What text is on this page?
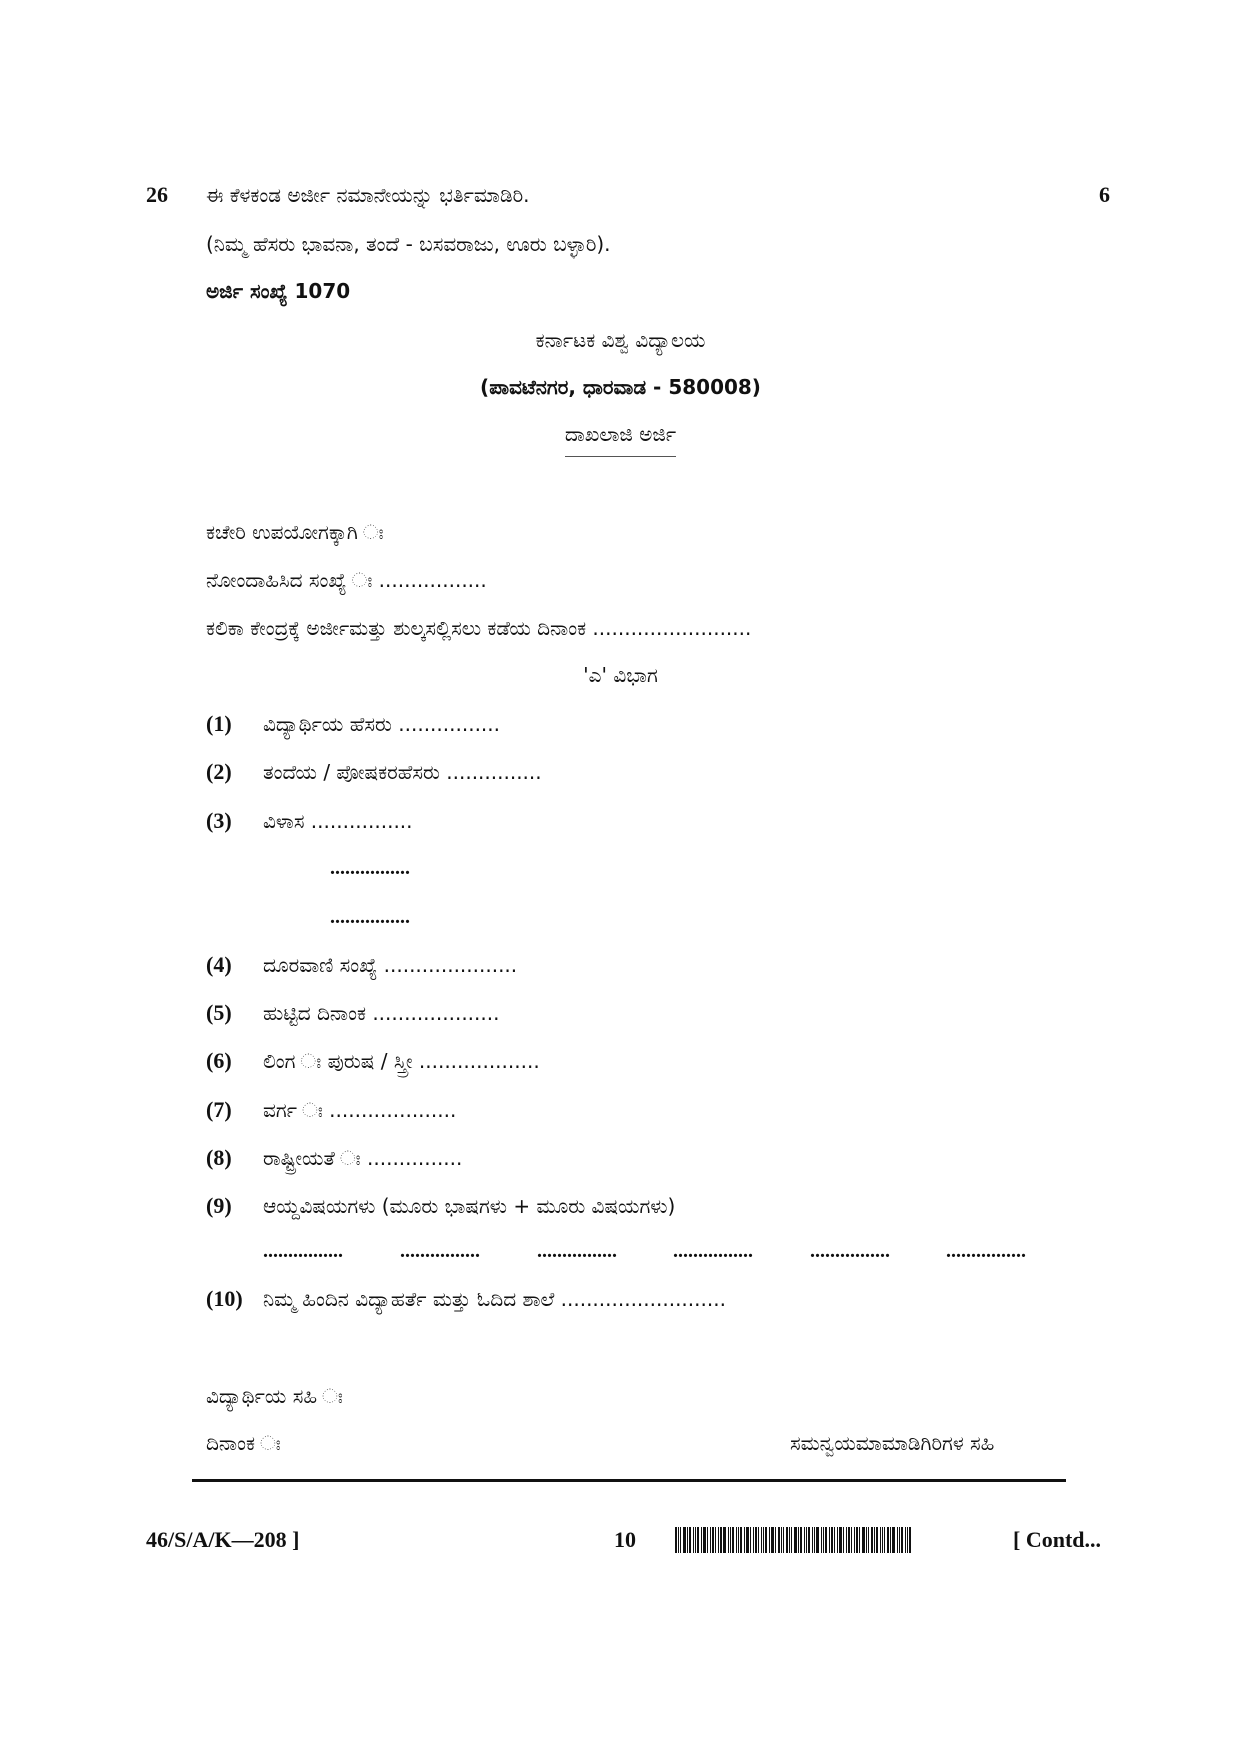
26 ಈ ಕೆಳಕಂಡ ಅರ್ಜೀ ನಮಾನೇಯನ್ನು ಭರ್ತಿಮಾಡಿರಿ.	6
(ನಿಮ್ಮ ಹೆಸರು ಭಾವನಾ, ತಂದೆ - ಬಸವರಾಜು, ಊರು ಬಳ್ಳಾರಿ).
ಅರ್ಜಿ ಸಂಖ್ಯೆ 1070
ಕರ್ನಾಟಕ ವಿಶ್ವ ವಿದ್ಯಾಲಯ
(ಪಾವಟೆನಗರ, ಧಾರವಾಡ - 580008)
ದಾಖಲಾಜಿ ಅರ್ಜಿ
ಕಚೇರಿ ಉಪಯೋಗಕ್ಕಾಗಿ ಃ
ನೋಂದಾಹಿಸಿದ ಸಂಖ್ಯೆ ಃ .................
ಕಲಿಕಾ ಕೇಂದ್ರಕ್ಕೆ ಅರ್ಜೀಮತ್ತು ಶುಲ್ಕಸಲ್ಲಿಸಲು ಕಡೆಯ ದಿನಾಂಕ .........................
'ಎ' ವಿಭಾಗ
(1) ವಿದ್ಯಾರ್ಥಿಯ ಹೆಸರು ................
(2) ತಂದೆಯ / ಪೋಷಕರಹೆಸರು ...............
(3) ವಿಳಾಸ ................
................
................
(4) ದೂರವಾಣಿ ಸಂಖ್ಯೆ .....................
(5) ಹುಟ್ಟಿದ ದಿನಾಂಕ ....................
(6) ಲಿಂಗ ಃ ಪುರುಷ / ಸ್ತ್ರೀ ...................
(7) ವರ್ಗ ಃ ....................
(8) ರಾಷ್ಟ್ರೀಯತೆ ಃ ...............
(9) ಆಯ್ದವಿಷಯಗಳು (ಮೂರು ಭಾಷಗಳು + ಮೂರು ವಿಷಯಗಳು)
................	................	................	................	................	................
(10) ನಿಮ್ಮ ಹಿಂದಿನ ವಿದ್ಯಾಹರ್ತೆ ಮತ್ತು ಓದಿದ ಶಾಲೆ ..........................
ವಿದ್ಯಾರ್ಥಿಯ ಸಹಿ ಃ
ದಿನಾಂಕ ಃ	ಸಮನ್ವಯಮಾಮಾಡಿಗಿರಿಗಳ ಸಹಿ
46/S/A/K—208 ]	10	[ Contd...
